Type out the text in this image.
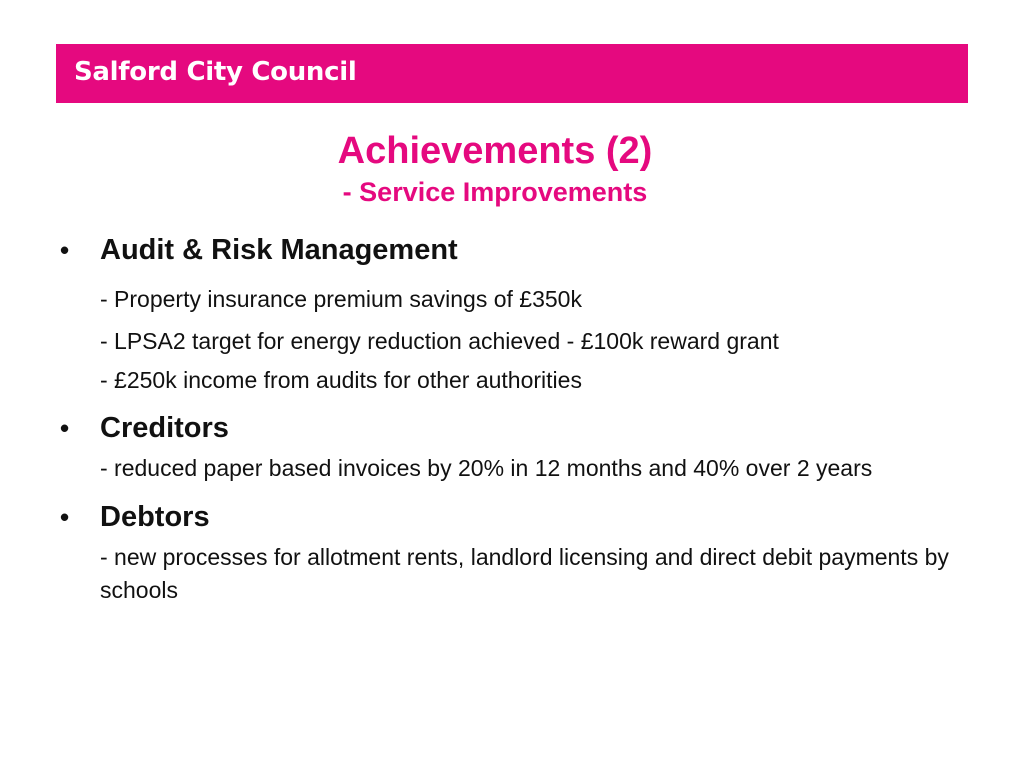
Salford City Council
Achievements (2)
- Service Improvements
• Audit & Risk Management
- Property insurance premium savings of £350k
- LPSA2 target for energy reduction achieved - £100k reward grant
- £250k income from audits for other authorities
• Creditors
- reduced paper based invoices by 20% in 12 months and 40% over 2 years
• Debtors
- new processes for allotment rents, landlord licensing and direct debit payments by schools
